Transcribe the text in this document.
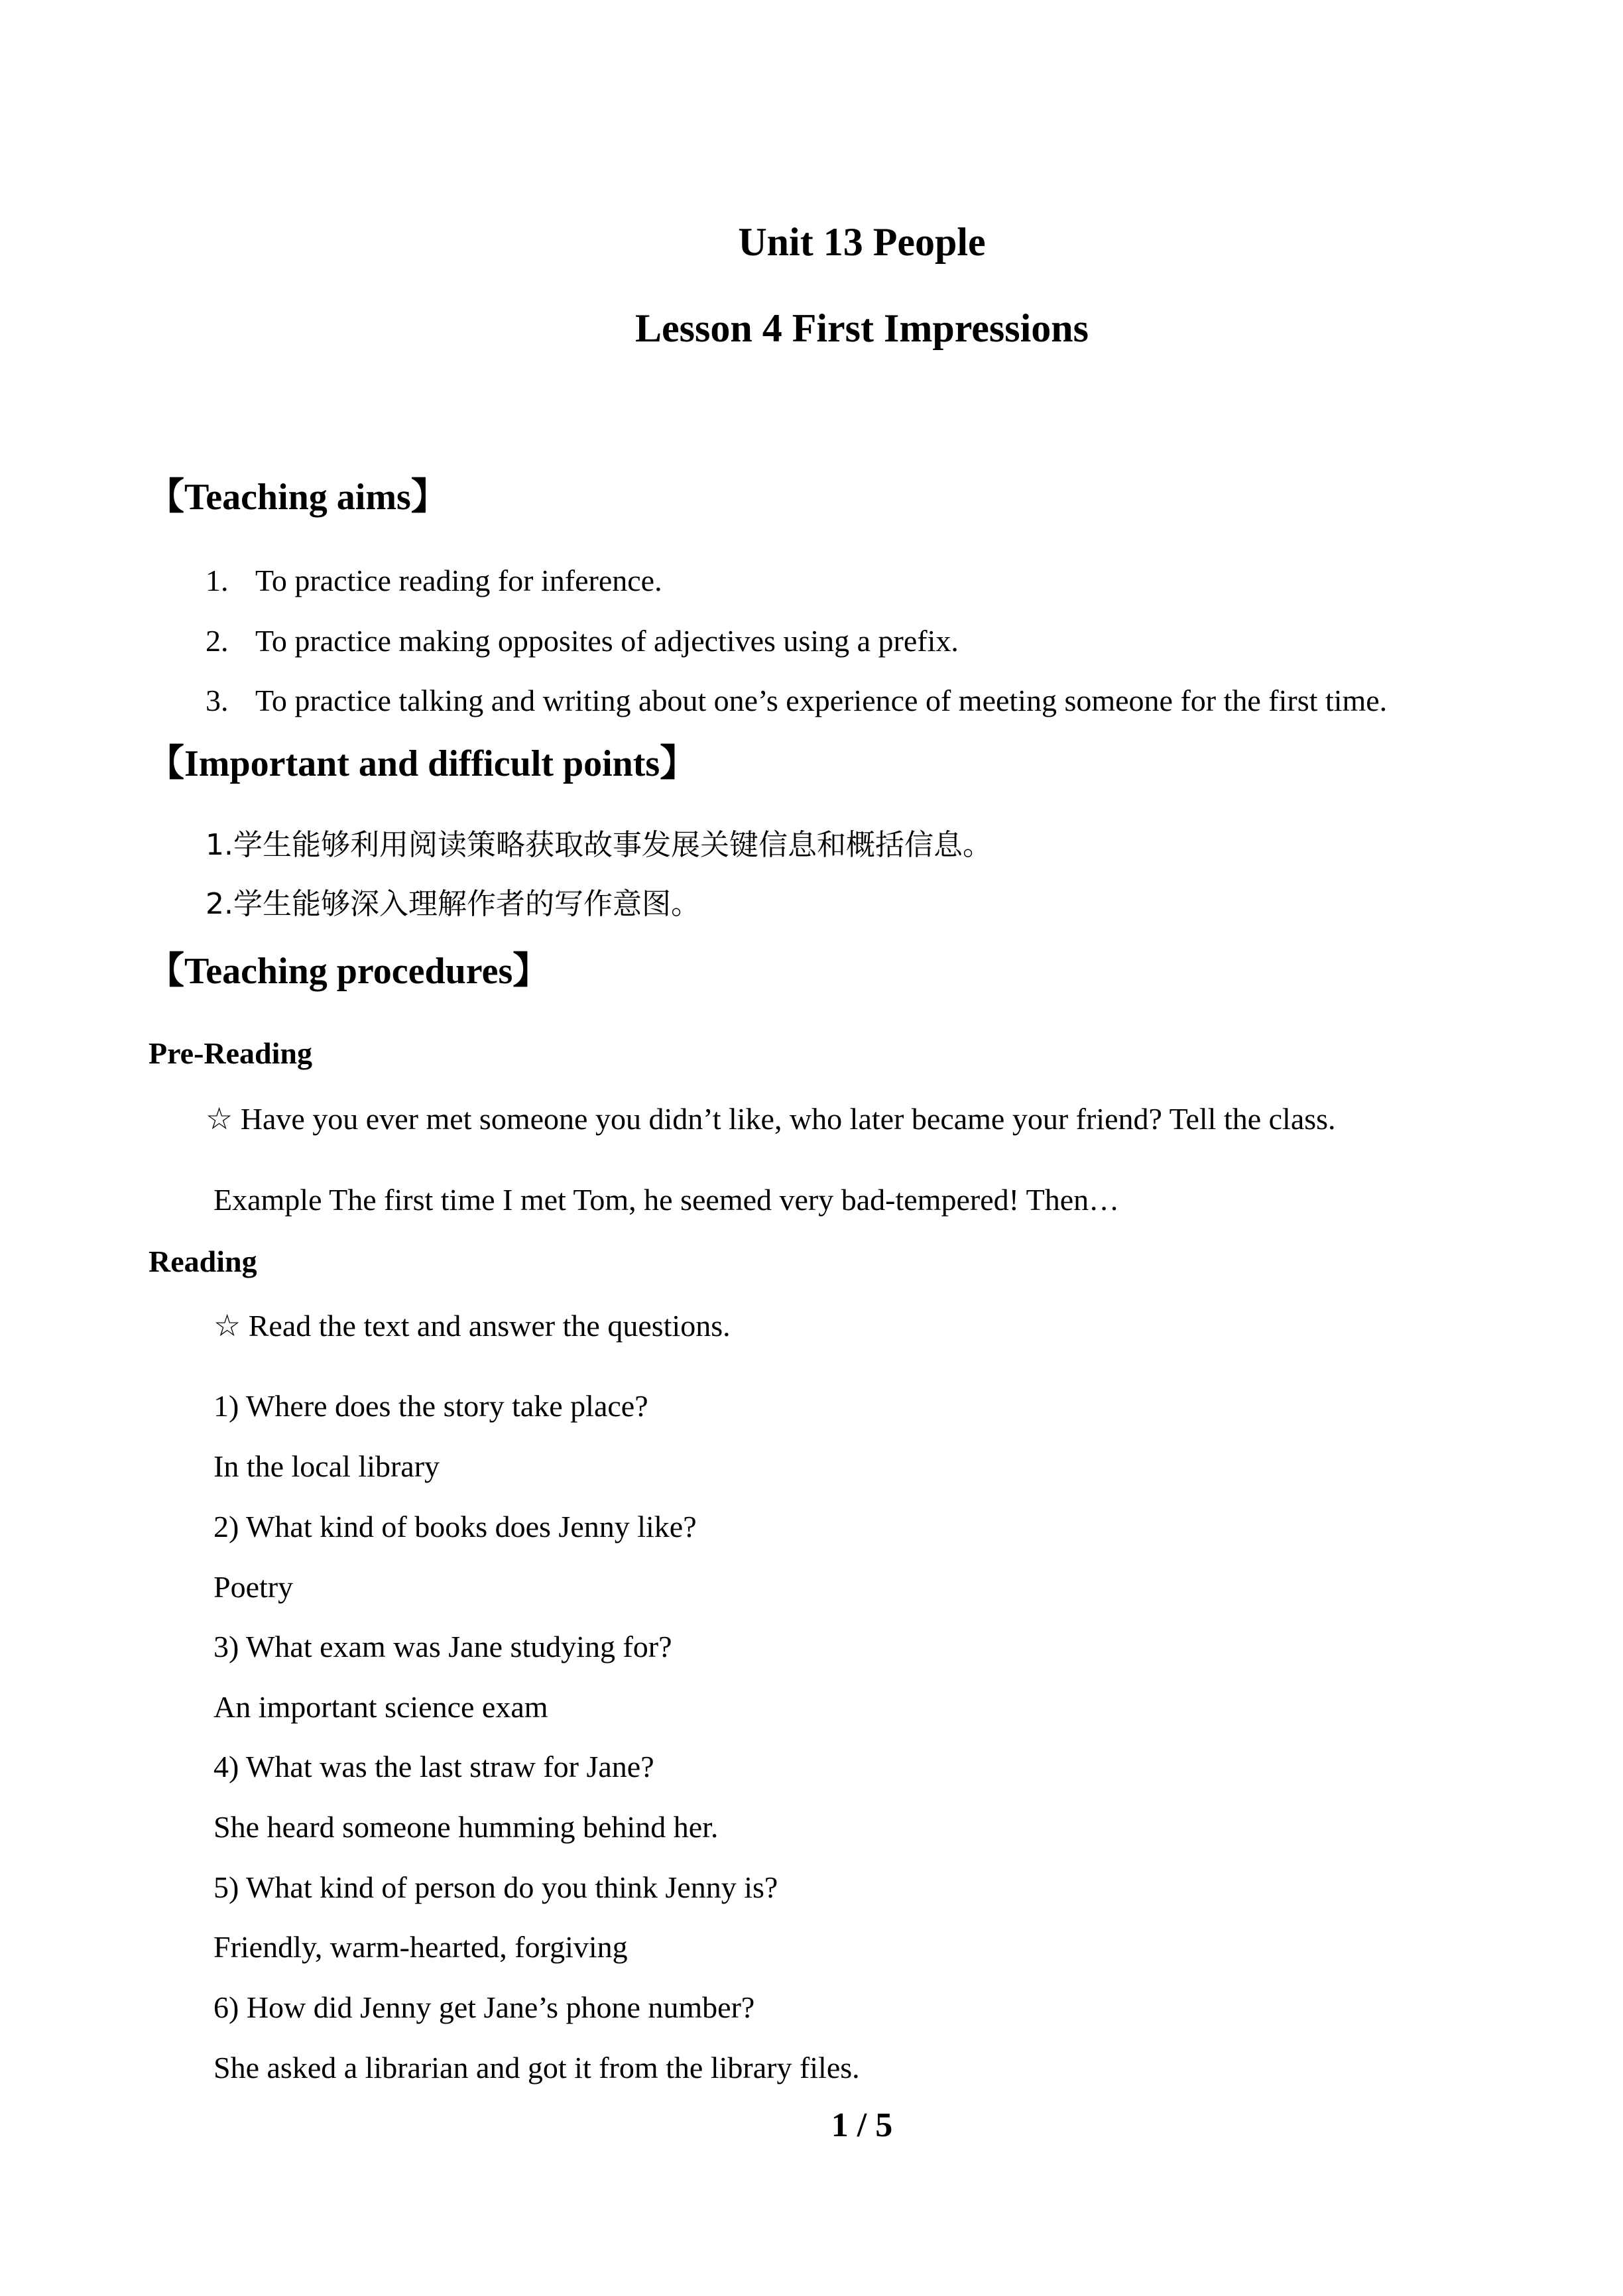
Unit 13 People
Lesson 4 First Impressions
【Teaching aims】
1. To practice reading for inference.
2. To practice making opposites of adjectives using a prefix.
3. To practice talking and writing about one’s experience of meeting someone for the first time.
【Important and difficult points】
1.学生能够利用阅读策略获取故事发展关键信息和概括信息。
2.学生能够深入理解作者的写作意图。
【Teaching procedures】
Pre-Reading
☆ Have you ever met someone you didn’t like, who later became your friend? Tell the class.
Example The first time I met Tom, he seemed very bad-tempered! Then…
Reading
☆ Read the text and answer the questions.
1) Where does the story take place?
In the local library
2) What kind of books does Jenny like?
Poetry
3) What exam was Jane studying for?
An important science exam
4) What was the last straw for Jane?
She heard someone humming behind her.
5) What kind of person do you think Jenny is?
Friendly, warm-hearted, forgiving
6) How did Jenny get Jane’s phone number?
She asked a librarian and got it from the library files.
1 / 5
